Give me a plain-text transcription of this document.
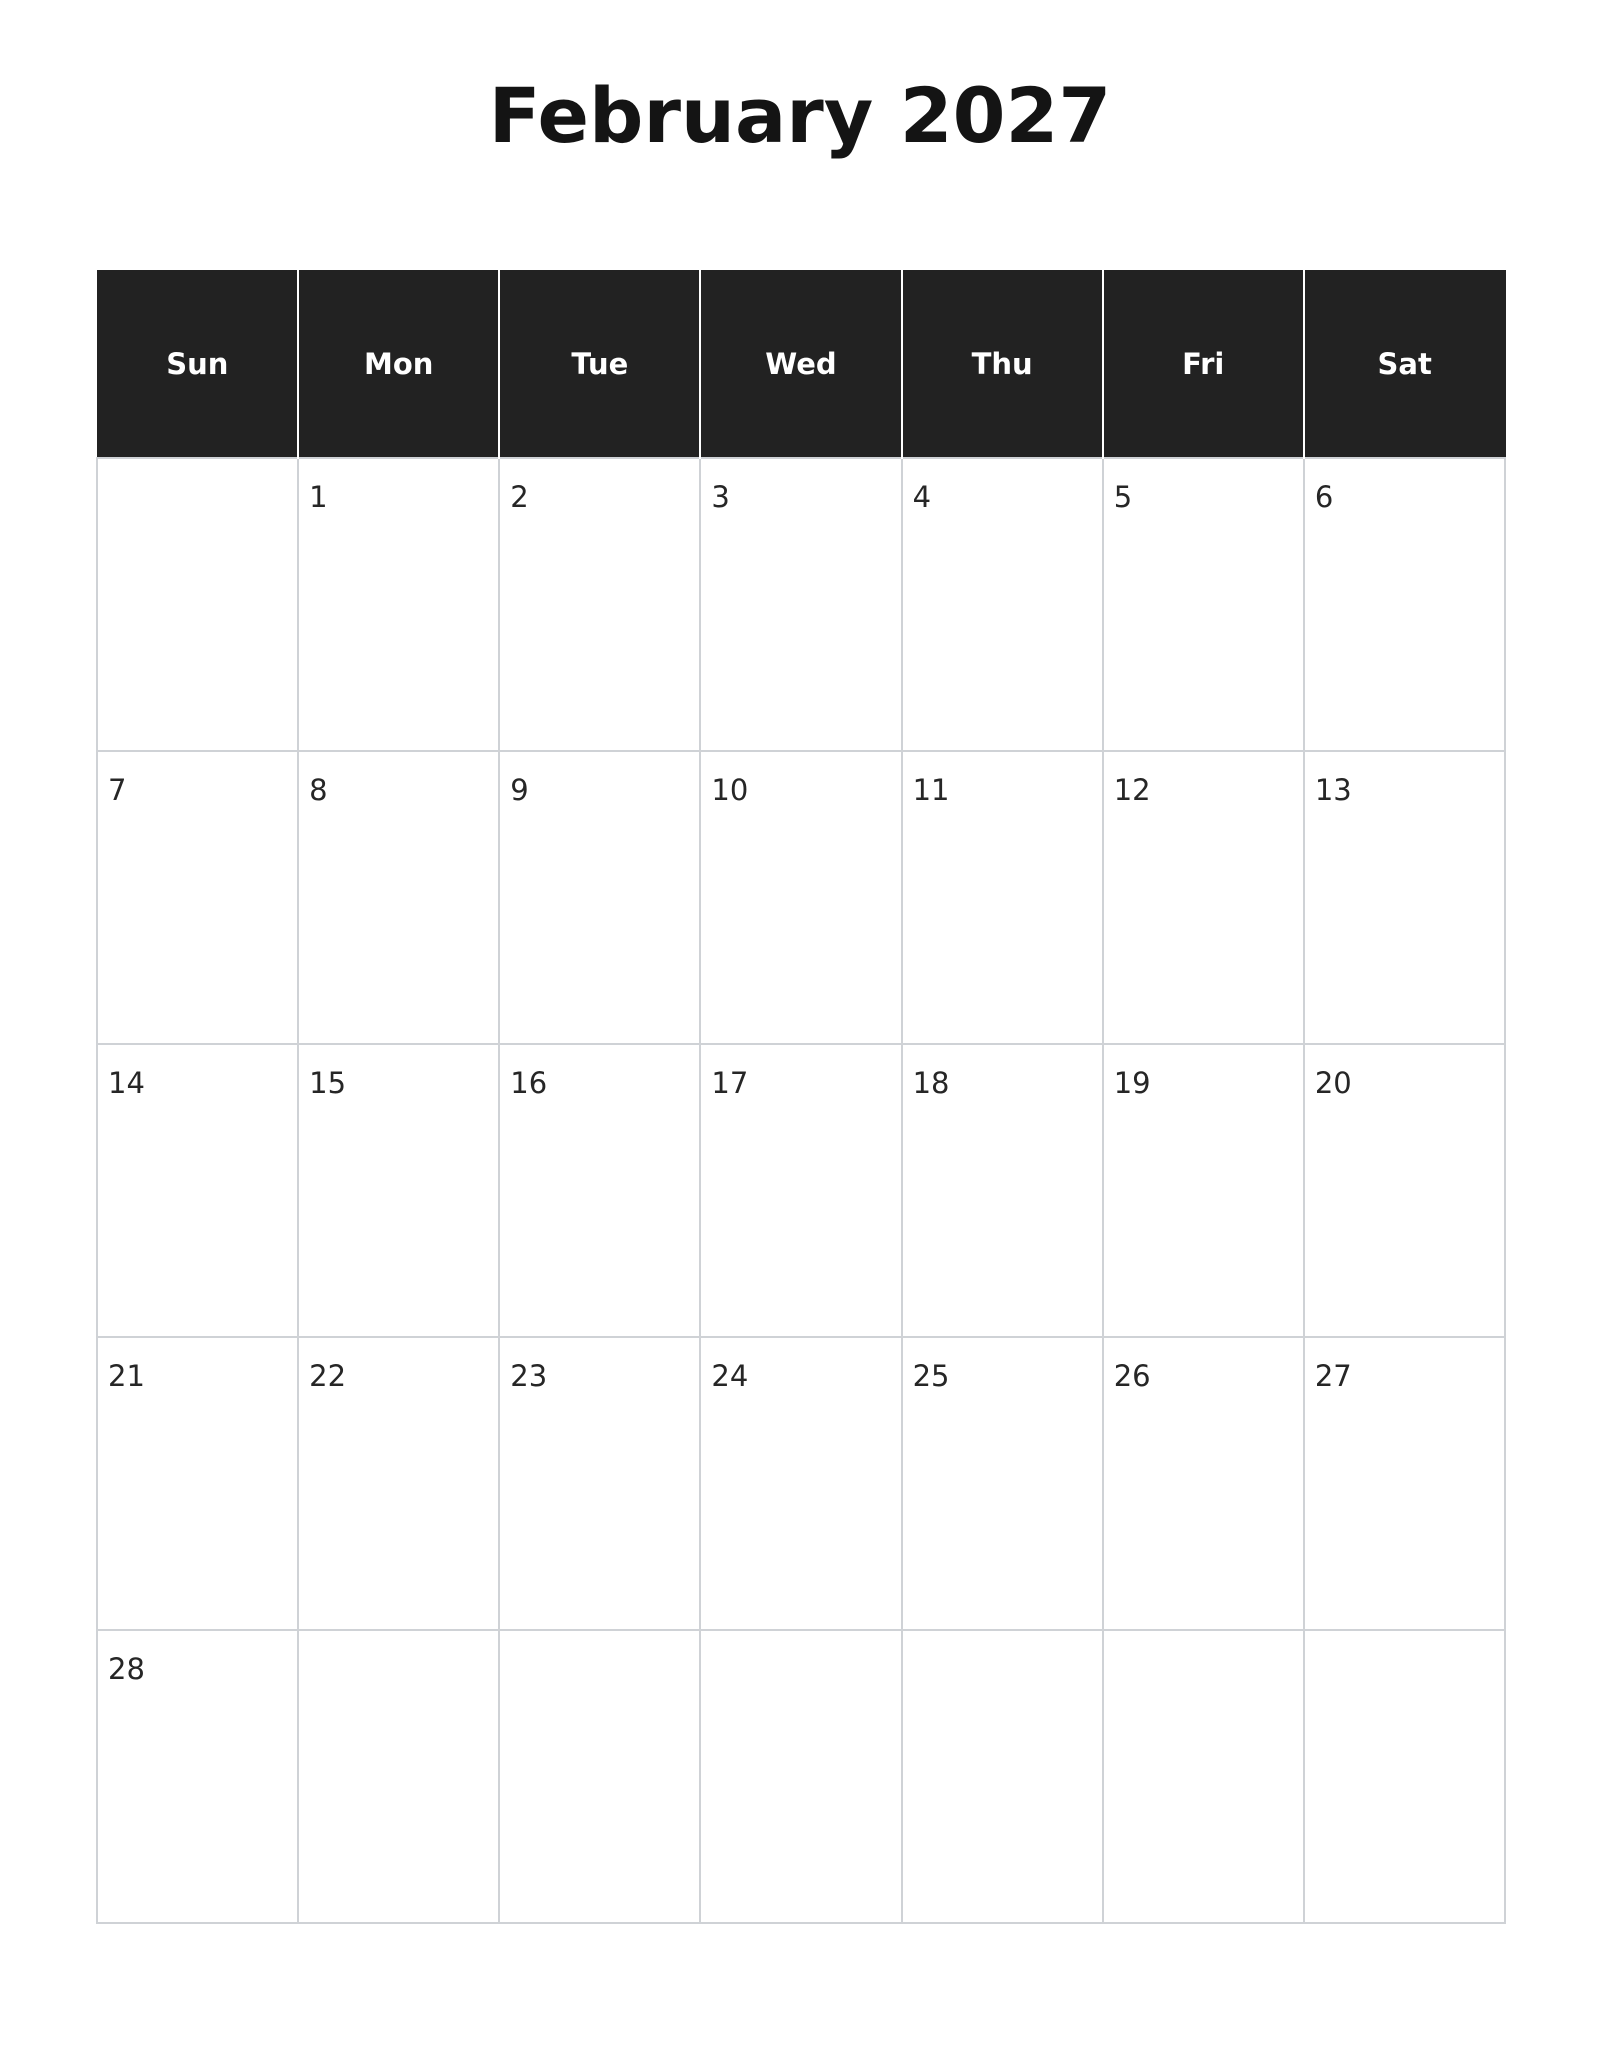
February 2027
Sun	Mon	Tue	Wed	Thu	Fri	Sat

	1	2	3	4	5	6

7	8	9	10	11	12	13

14	15	16	17	18	19	20

21	22	23	24	25	26	27

28						
